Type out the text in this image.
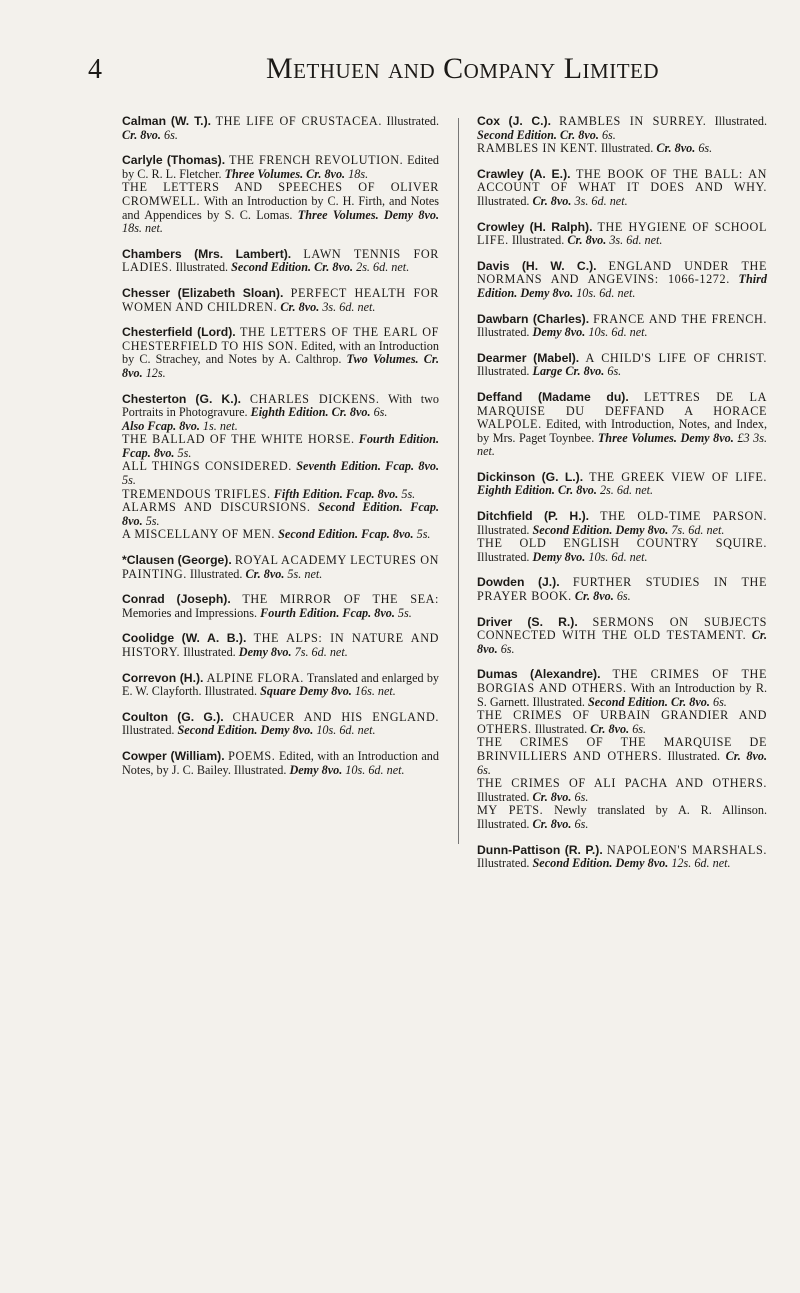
4	Methuen and Company Limited
Calman (W. T.). THE LIFE OF CRUSTACEA. Illustrated. Cr. 8vo. 6s.
Carlyle (Thomas). THE FRENCH REVOLUTION. Edited by C. R. L. Fletcher. Three Volumes. Cr. 8vo. 18s.
THE LETTERS AND SPEECHES OF OLIVER CROMWELL. With an Introduction by C. H. Firth, and Notes and Appendices by S. C. Lomas. Three Volumes. Demy 8vo. 18s. net.
Chambers (Mrs. Lambert). LAWN TENNIS FOR LADIES. Illustrated. Second Edition. Cr. 8vo. 2s. 6d. net.
Chesser (Elizabeth Sloan). PERFECT HEALTH FOR WOMEN AND CHILDREN. Cr. 8vo. 3s. 6d. net.
Chesterfield (Lord). THE LETTERS OF THE EARL OF CHESTERFIELD TO HIS SON. Edited, with an Introduction by C. Strachey, and Notes by A. Calthrop. Two Volumes. Cr. 8vo. 12s.
Chesterton (G. K.). CHARLES DICKENS. With two Portraits in Photogravure. Eighth Edition. Cr. 8vo. 6s.
Also Fcap. 8vo. 1s. net.
THE BALLAD OF THE WHITE HORSE. Fourth Edition. Fcap. 8vo. 5s.
ALL THINGS CONSIDERED. Seventh Edition. Fcap. 8vo. 5s.
TREMENDOUS TRIFLES. Fifth Edition. Fcap. 8vo. 5s.
ALARMS AND DISCURSIONS. Second Edition. Fcap. 8vo. 5s.
A MISCELLANY OF MEN. Second Edition. Fcap. 8vo. 5s.
*Clausen (George). ROYAL ACADEMY LECTURES ON PAINTING. Illustrated. Cr. 8vo. 5s. net.
Conrad (Joseph). THE MIRROR OF THE SEA: Memories and Impressions. Fourth Edition. Fcap. 8vo. 5s.
Coolidge (W. A. B.). THE ALPS: IN NATURE AND HISTORY. Illustrated. Demy 8vo. 7s. 6d. net.
Correvon (H.). ALPINE FLORA. Translated and enlarged by E. W. Clayforth. Illustrated. Square Demy 8vo. 16s. net.
Coulton (G. G.). CHAUCER AND HIS ENGLAND. Illustrated. Second Edition. Demy 8vo. 10s. 6d. net.
Cowper (William). POEMS. Edited, with an Introduction and Notes, by J. C. Bailey. Illustrated. Demy 8vo. 10s. 6d. net.
Cox (J. C.). RAMBLES IN SURREY. Illustrated. Second Edition. Cr. 8vo. 6s.
RAMBLES IN KENT. Illustrated. Cr. 8vo. 6s.
Crawley (A. E.). THE BOOK OF THE BALL: AN ACCOUNT OF WHAT IT DOES AND WHY. Illustrated. Cr. 8vo. 3s. 6d. net.
Crowley (H. Ralph). THE HYGIENE OF SCHOOL LIFE. Illustrated. Cr. 8vo. 3s. 6d. net.
Davis (H. W. C.). ENGLAND UNDER THE NORMANS AND ANGEVINS: 1066-1272. Third Edition. Demy 8vo. 10s. 6d. net.
Dawbarn (Charles). FRANCE AND THE FRENCH. Illustrated. Demy 8vo. 10s. 6d. net.
Dearmer (Mabel). A CHILD'S LIFE OF CHRIST. Illustrated. Large Cr. 8vo. 6s.
Deffand (Madame du). LETTRES DE LA MARQUISE DU DEFFAND A HORACE WALPOLE. Edited, with Introduction, Notes, and Index, by Mrs. Paget Toynbee. Three Volumes. Demy 8vo. £3 3s. net.
Dickinson (G. L.). THE GREEK VIEW OF LIFE. Eighth Edition. Cr. 8vo. 2s. 6d. net.
Ditchfield (P. H.). THE OLD-TIME PARSON. Illustrated. Second Edition. Demy 8vo. 7s. 6d. net.
THE OLD ENGLISH COUNTRY SQUIRE. Illustrated. Demy 8vo. 10s. 6d. net.
Dowden (J.). FURTHER STUDIES IN THE PRAYER BOOK. Cr. 8vo. 6s.
Driver (S. R.). SERMONS ON SUBJECTS CONNECTED WITH THE OLD TESTAMENT. Cr. 8vo. 6s.
Dumas (Alexandre). THE CRIMES OF THE BORGIAS AND OTHERS. With an Introduction by R. S. Garnett. Illustrated. Second Edition. Cr. 8vo. 6s.
THE CRIMES OF URBAIN GRANDIER AND OTHERS. Illustrated. Cr. 8vo. 6s.
THE CRIMES OF THE MARQUISE DE BRINVILLIERS AND OTHERS. Illustrated. Cr. 8vo. 6s.
THE CRIMES OF ALI PACHA AND OTHERS. Illustrated. Cr. 8vo. 6s.
MY PETS. Newly translated by A. R. Allinson. Illustrated. Cr. 8vo. 6s.
Dunn-Pattison (R. P.). NAPOLEON'S MARSHALS. Illustrated. Second Edition. Demy 8vo. 12s. 6d. net.
